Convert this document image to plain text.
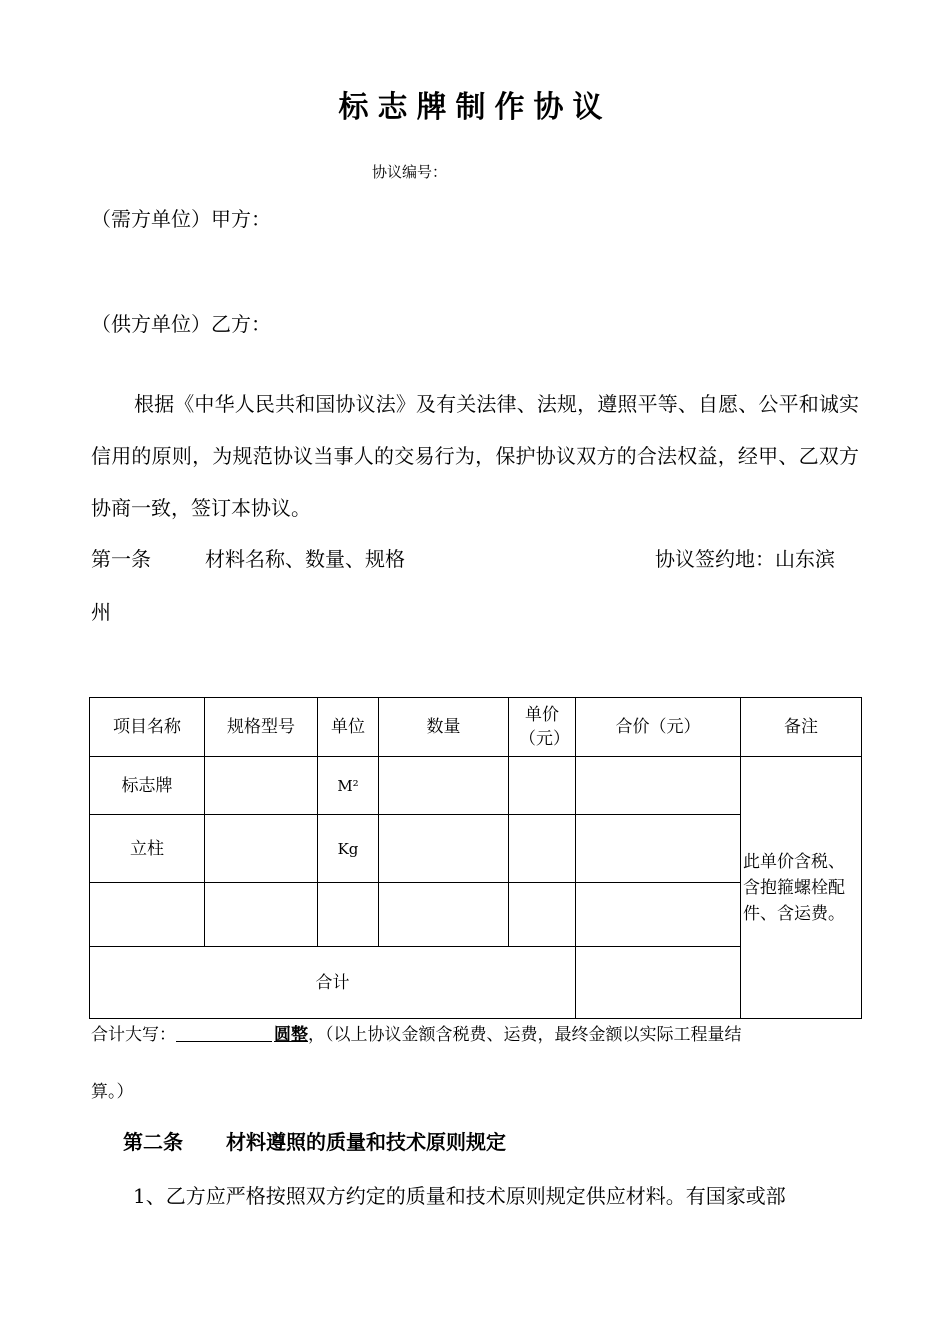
标志牌制作协议
协议编号：
（需方单位）甲方：
（供方单位）乙方：
根据《中华人民共和国协议法》及有关法律、法规，遵照平等、自愿、公平和诚实信用的原则，为规范协议当事人的交易行为，保护协议双方的合法权益，经甲、乙双方协商一致，签订本协议。
第一条	材料名称、数量、规格	协议签约地：山东滨
州
项目名称	规格型号	单位	数量	单价（元）	合价（元）	备注
标志牌		M²				此单价含税、含抱箍螺栓配件、含运费。
立柱		Kg				

合计						
合计大写：	圆整，（以上协议金额含税费、运费，最终金额以实际工程量结
算。）
第二条 材料遵照的质量和技术原则规定
1、乙方应严格按照双方约定的质量和技术原则规定供应材料。有国家或部
